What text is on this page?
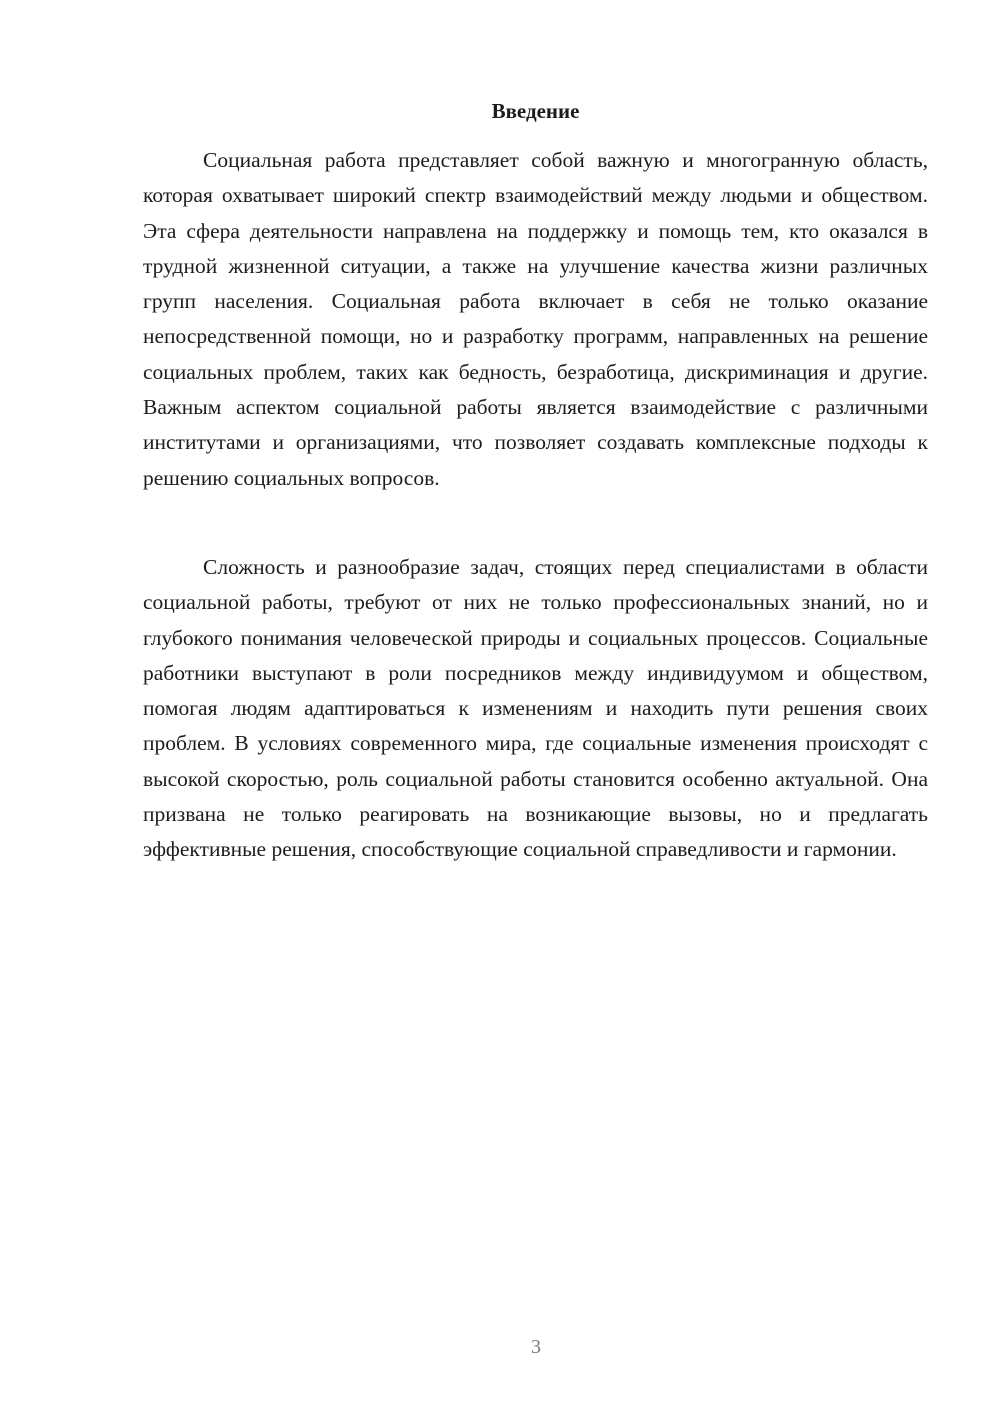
Введение

Социальная работа представляет собой важную и многогранную область, которая охватывает широкий спектр взаимодействий между людьми и обществом. Эта сфера деятельности направлена на поддержку и помощь тем, кто оказался в трудной жизненной ситуации, а также на улучшение качества жизни различных групп населения. Социальная работа включает в себя не только оказание непосредственной помощи, но и разработку программ, направленных на решение социальных проблем, таких как бедность, безработица, дискриминация и другие. Важным аспектом социальной работы является взаимодействие с различными институтами и организациями, что позволяет создавать комплексные подходы к решению социальных вопросов.

Сложность и разнообразие задач, стоящих перед специалистами в области социальной работы, требуют от них не только профессиональных знаний, но и глубокого понимания человеческой природы и социальных процессов. Социальные работники выступают в роли посредников между индивидуумом и обществом, помогая людям адаптироваться к изменениям и находить пути решения своих проблем. В условиях современного мира, где социальные изменения происходят с высокой скоростью, роль социальной работы становится особенно актуальной. Она призвана не только реагировать на возникающие вызовы, но и предлагать эффективные решения, способствующие социальной справедливости и гармонии.

3
